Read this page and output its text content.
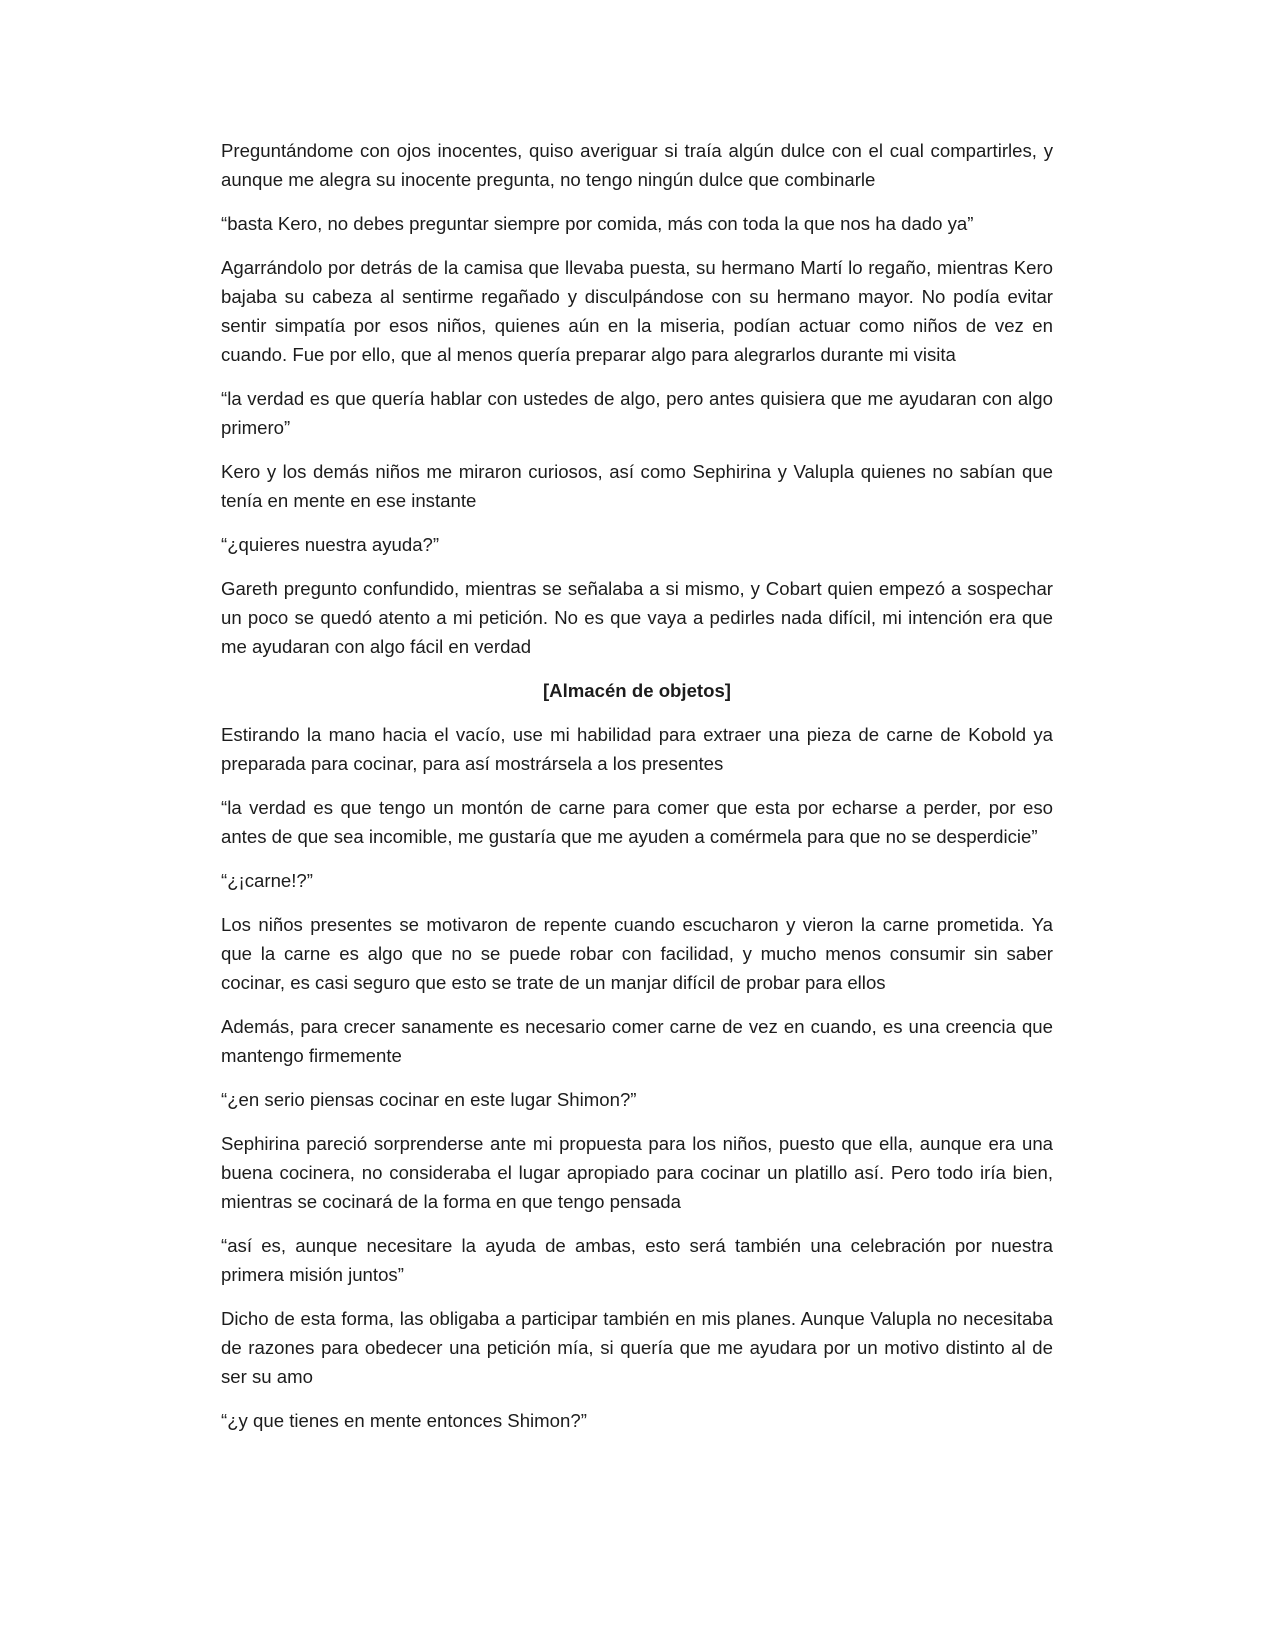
Preguntándome con ojos inocentes, quiso averiguar si traía algún dulce con el cual compartirles, y aunque me alegra su inocente pregunta, no tengo ningún dulce que combinarle

“basta Kero, no debes preguntar siempre por comida, más con toda la que nos ha dado ya”

Agarrándolo por detrás de la camisa que llevaba puesta, su hermano Martí lo regaño, mientras Kero bajaba su cabeza al sentirme regañado y disculpándose con su hermano mayor. No podía evitar sentir simpatía por esos niños, quienes aún en la miseria, podían actuar como niños de vez en cuando. Fue por ello, que al menos quería preparar algo para alegrarlos durante mi visita

“la verdad es que quería hablar con ustedes de algo, pero antes quisiera que me ayudaran con algo primero”

Kero y los demás niños me miraron curiosos, así como Sephirina y Valupla quienes no sabían que tenía en mente en ese instante

“¿quieres nuestra ayuda?”

Gareth pregunto confundido, mientras se señalaba a si mismo, y Cobart quien empezó a sospechar un poco se quedó atento a mi petición. No es que vaya a pedirles nada difícil, mi intención era que me ayudaran con algo fácil en verdad

[Almacén de objetos]

Estirando la mano hacia el vacío, use mi habilidad para extraer una pieza de carne de Kobold ya preparada para cocinar, para así mostrársela a los presentes

“la verdad es que tengo un montón de carne para comer que esta por echarse a perder, por eso antes de que sea incomible, me gustaría que me ayuden a comérmela para que no se desperdicie”

“¿¡carne!?”

Los niños presentes se motivaron de repente cuando escucharon y vieron la carne prometida. Ya que la carne es algo que no se puede robar con facilidad, y mucho menos consumir sin saber cocinar, es casi seguro que esto se trate de un manjar difícil de probar para ellos

Además, para crecer sanamente es necesario comer carne de vez en cuando, es una creencia que mantengo firmemente

“¿en serio piensas cocinar en este lugar Shimon?”

Sephirina pareció sorprenderse ante mi propuesta para los niños, puesto que ella, aunque era una buena cocinera, no consideraba el lugar apropiado para cocinar un platillo así. Pero todo iría bien, mientras se cocinará de la forma en que tengo pensada

“así es, aunque necesitare la ayuda de ambas, esto será también una celebración por nuestra primera misión juntos”

Dicho de esta forma, las obligaba a participar también en mis planes. Aunque Valupla no necesitaba de razones para obedecer una petición mía, si quería que me ayudara por un motivo distinto al de ser su amo

“¿y que tienes en mente entonces Shimon?”
